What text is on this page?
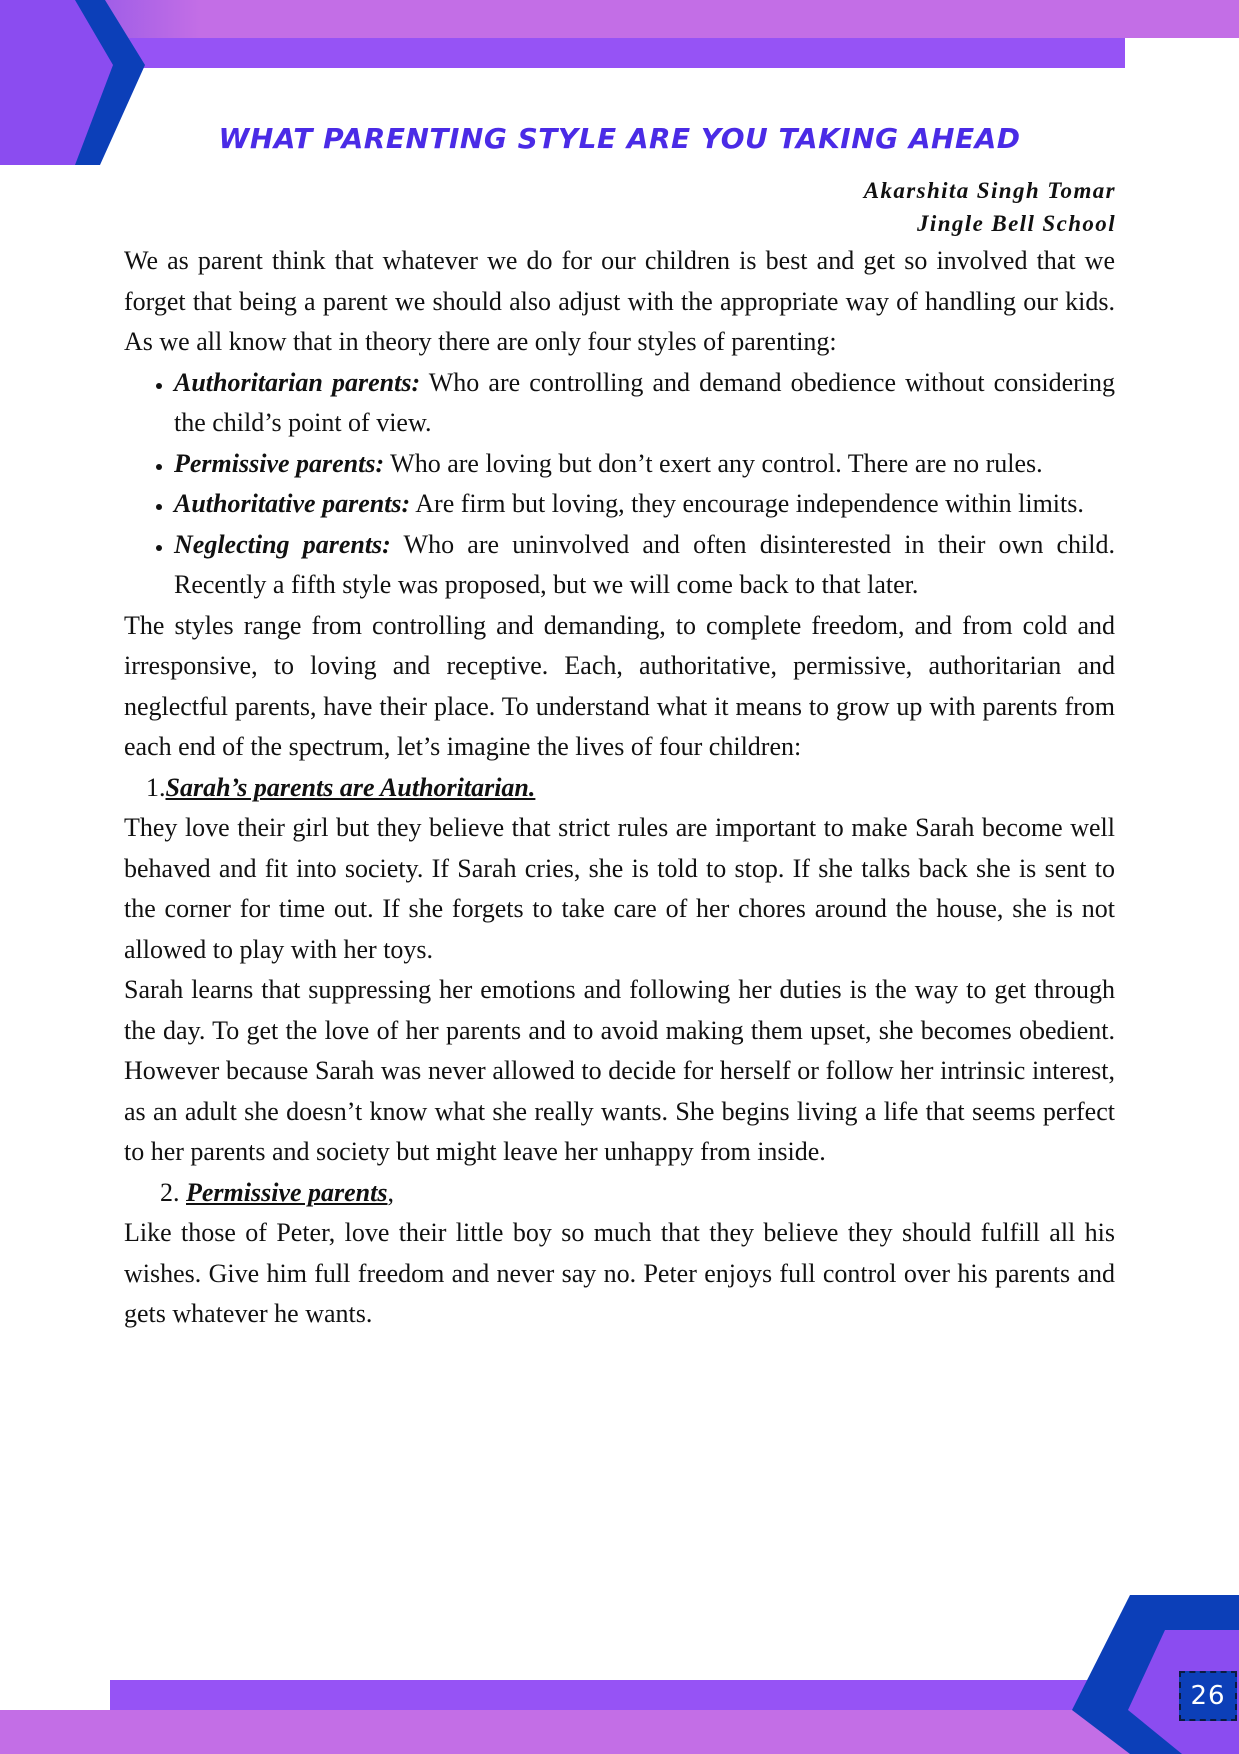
WHAT PARENTING STYLE ARE YOU TAKING AHEAD
Akarshita Singh Tomar
Jingle Bell School

We as parent think that whatever we do for our children is best and get so involved that we forget that being a parent we should also adjust with the appropriate way of handling our kids. As we all know that in theory there are only four styles of parenting:

• Authoritarian parents: Who are controlling and demand obedience without considering the child’s point of view.
• Permissive parents: Who are loving but don’t exert any control. There are no rules.
• Authoritative parents: Are firm but loving, they encourage independence within limits.
• Neglecting parents: Who are uninvolved and often disinterested in their own child. Recently a fifth style was proposed, but we will come back to that later.

The styles range from controlling and demanding, to complete freedom, and from cold and irresponsive, to loving and receptive. Each, authoritative, permissive, authoritarian and neglectful parents, have their place. To understand what it means to grow up with parents from each end of the spectrum, let’s imagine the lives of four children:

1.Sarah’s parents are Authoritarian.

They love their girl but they believe that strict rules are important to make Sarah become well behaved and fit into society. If Sarah cries, she is told to stop. If she talks back she is sent to the corner for time out. If she forgets to take care of her chores around the house, she is not allowed to play with her toys.

Sarah learns that suppressing her emotions and following her duties is the way to get through the day. To get the love of her parents and to avoid making them upset, she becomes obedient. However because Sarah was never allowed to decide for herself or follow her intrinsic interest, as an adult she doesn’t know what she really wants. She begins living a life that seems perfect to her parents and society but might leave her unhappy from inside.

2. Permissive parents,

Like those of Peter, love their little boy so much that they believe they should fulfill all his wishes. Give him full freedom and never say no. Peter enjoys full control over his parents and gets whatever he wants.

26
